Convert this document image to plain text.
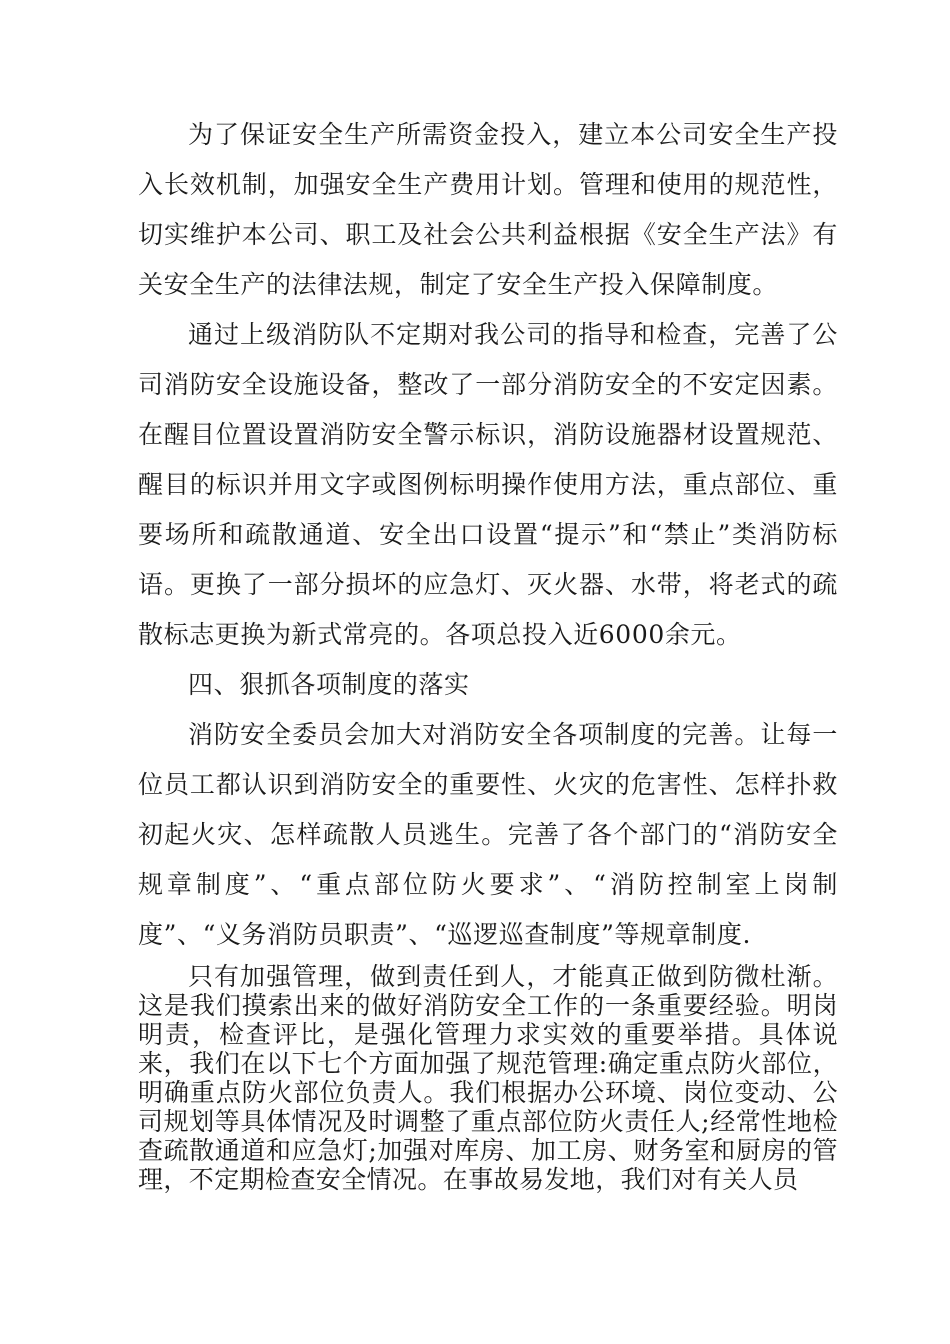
为了保证安全生产所需资金投入，建立本公司安全生产投入长效机制，加强安全生产费用计划。管理和使用的规范性，切实维护本公司、职工及社会公共利益根据《安全生产法》有关安全生产的法律法规，制定了安全生产投入保障制度。

通过上级消防队不定期对我公司的指导和检查，完善了公司消防安全设施设备，整改了一部分消防安全的不安定因素。在醒目位置设置消防安全警示标识，消防设施器材设置规范、醒目的标识并用文字或图例标明操作使用方法，重点部位、重要场所和疏散通道、安全出口设置“提示”和“禁止”类消防标语。更换了一部分损坏的应急灯、灭火器、水带，将老式的疏散标志更换为新式常亮的。各项总投入近6000余元。

四、狠抓各项制度的落实

消防安全委员会加大对消防安全各项制度的完善。让每一位员工都认识到消防安全的重要性、火灾的危害性、怎样扑救初起火灾、怎样疏散人员逃生。完善了各个部门的“消防安全规章制度”、“重点部位防火要求”、“消防控制室上岗制度”、“义务消防员职责”、“巡逻巡查制度”等规章制度.

只有加强管理，做到责任到人，才能真正做到防微杜渐。这是我们摸索出来的做好消防安全工作的一条重要经验。明岗明责，检查评比，是强化管理力求实效的重要举措。具体说来，我们在以下七个方面加强了规范管理:确定重点防火部位，明确重点防火部位负责人。我们根据办公环境、岗位变动、公司规划等具体情况及时调整了重点部位防火责任人;经常性地检查疏散通道和应急灯;加强对库房、加工房、财务室和厨房的管理，不定期检查安全情况。在事故易发地，我们对有关人员
